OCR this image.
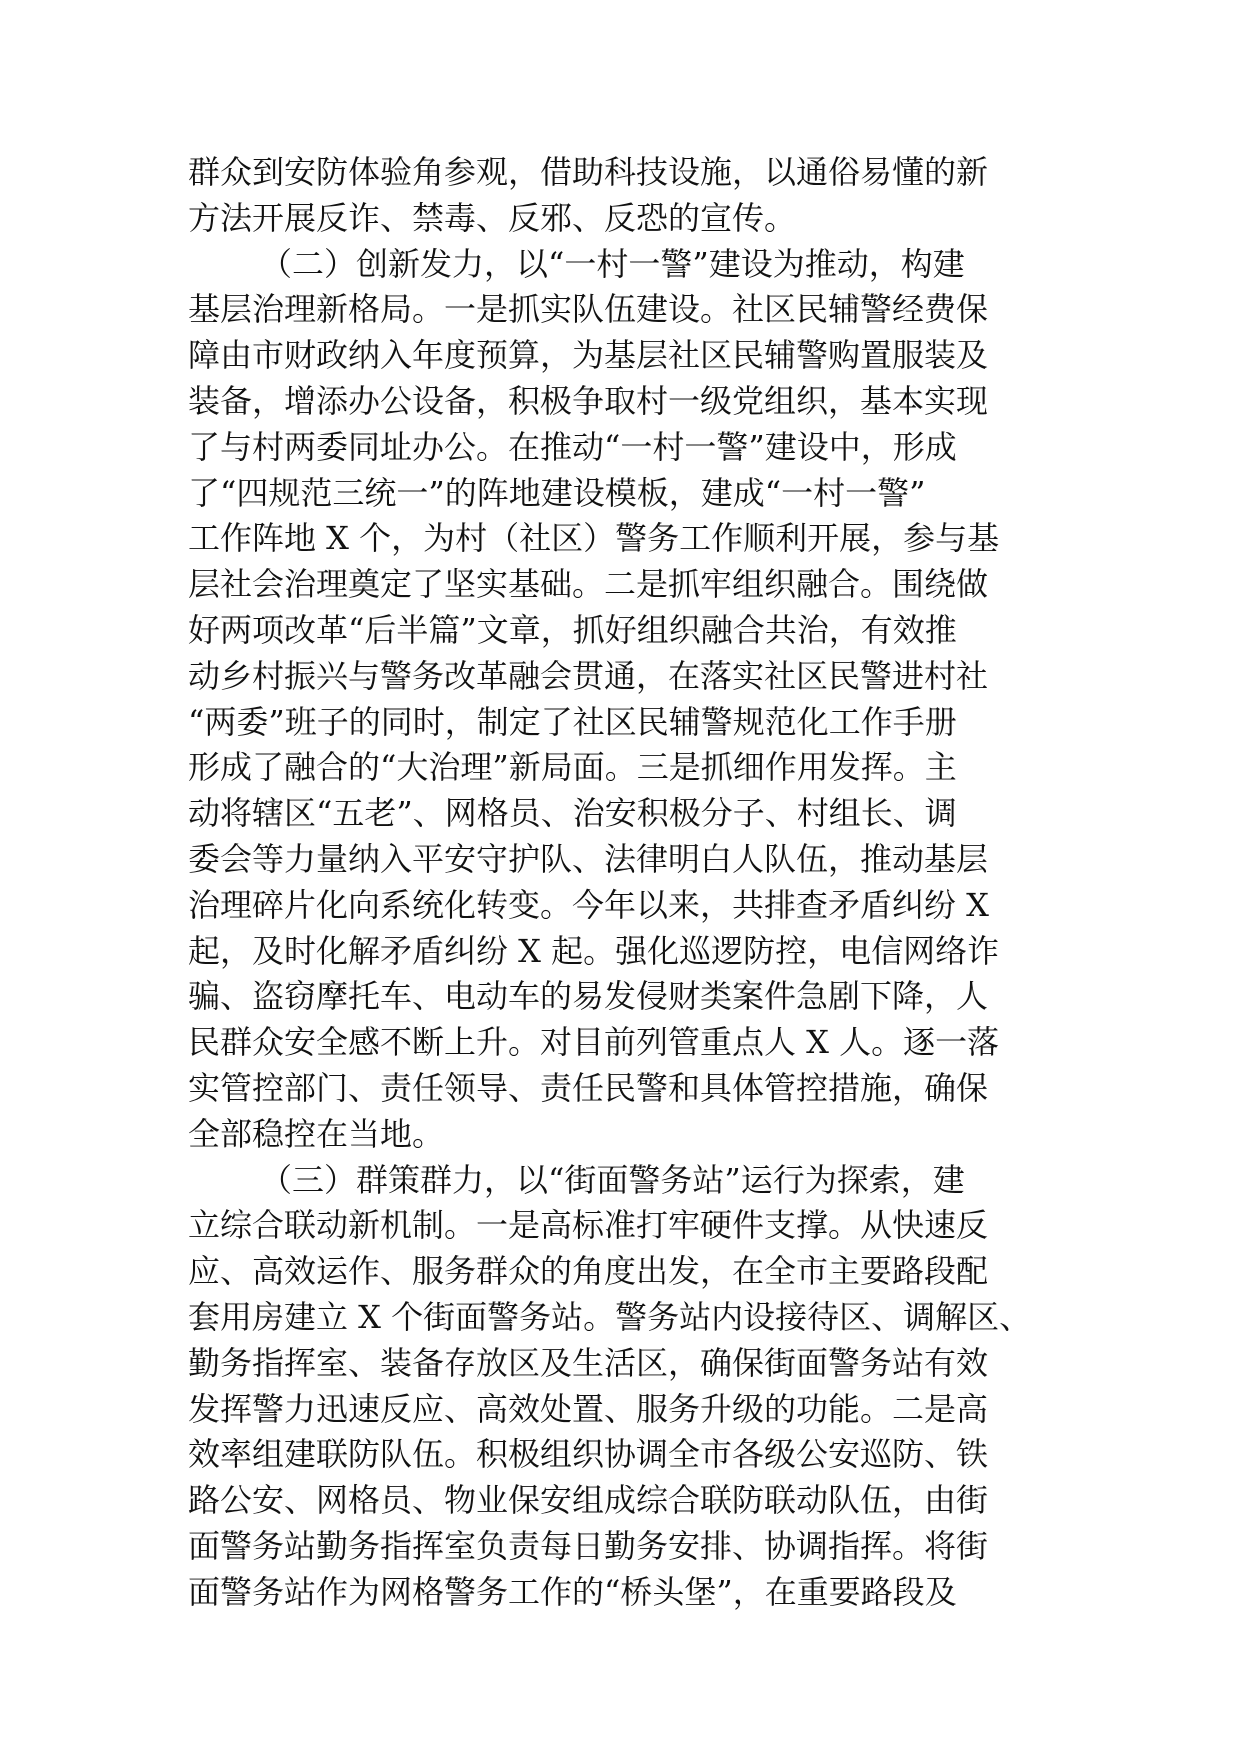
群众到安防体验角参观，借助科技设施，以通俗易懂的新
方法开展反诈、禁毒、反邪、反恐的宣传。
（二）创新发力，以“一村一警”建设为推动，构建
基层治理新格局。一是抓实队伍建设。社区民辅警经费保
障由市财政纳入年度预算，为基层社区民辅警购置服装及
装备，增添办公设备，积极争取村一级党组织，基本实现
了与村两委同址办公。在推动“一村一警”建设中，形成
了“四规范三统一”的阵地建设模板，建成“一村一警”
工作阵地 X 个，为村（社区）警务工作顺利开展，参与基
层社会治理奠定了坚实基础。二是抓牢组织融合。围绕做
好两项改革“后半篇”文章，抓好组织融合共治，有效推
动乡村振兴与警务改革融会贯通，在落实社区民警进村社
“两委”班子的同时，制定了社区民辅警规范化工作手册
形成了融合的“大治理”新局面。三是抓细作用发挥。主
动将辖区“五老”、网格员、治安积极分子、村组长、调
委会等力量纳入平安守护队、法律明白人队伍，推动基层
治理碎片化向系统化转变。今年以来，共排查矛盾纠纷 X
起，及时化解矛盾纠纷 X 起。强化巡逻防控，电信网络诈
骗、盗窃摩托车、电动车的易发侵财类案件急剧下降，人
民群众安全感不断上升。对目前列管重点人 X 人。逐一落
实管控部门、责任领导、责任民警和具体管控措施，确保
全部稳控在当地。
（三）群策群力，以“街面警务站”运行为探索，建
立综合联动新机制。一是高标准打牢硬件支撑。从快速反
应、高效运作、服务群众的角度出发，在全市主要路段配
套用房建立 X 个街面警务站。警务站内设接待区、调解区、
勤务指挥室、装备存放区及生活区，确保街面警务站有效
发挥警力迅速反应、高效处置、服务升级的功能。二是高
效率组建联防队伍。积极组织协调全市各级公安巡防、铁
路公安、网格员、物业保安组成综合联防联动队伍，由街
面警务站勤务指挥室负责每日勤务安排、协调指挥。将街
面警务站作为网格警务工作的“桥头堡”，在重要路段及
